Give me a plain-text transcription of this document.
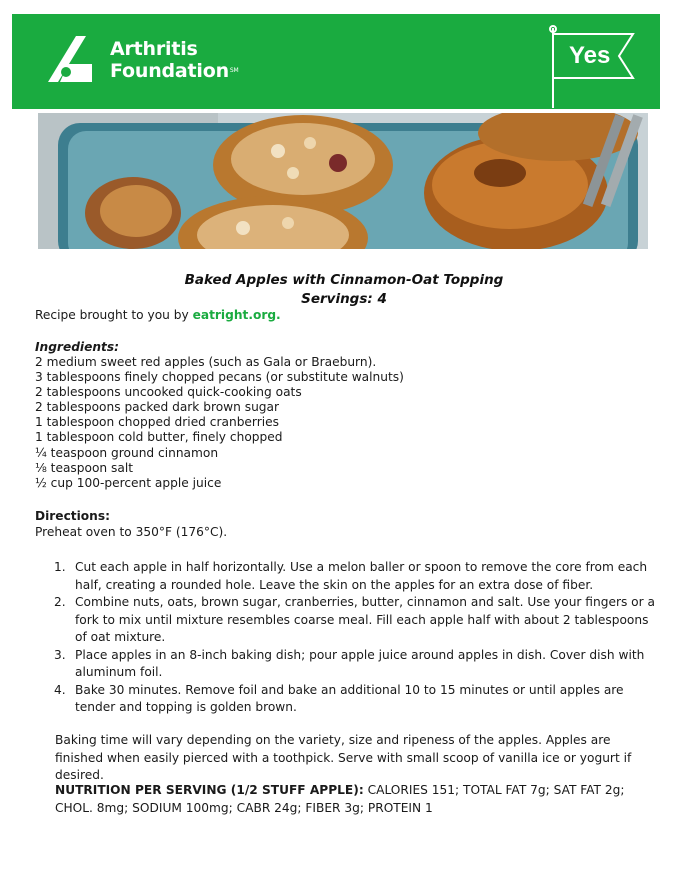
Arthritis
Foundation℠
Yes
Baked Apples with Cinnamon-Oat Topping
Servings: 4
Recipe brought to you by eatright.org.
Ingredients:
2 medium sweet red apples (such as Gala or Braeburn).
3 tablespoons finely chopped pecans (or substitute walnuts)
2 tablespoons uncooked quick-cooking oats
2 tablespoons packed dark brown sugar
1 tablespoon chopped dried cranberries
1 tablespoon cold butter, finely chopped
¼ teaspoon ground cinnamon
⅛ teaspoon salt
½ cup 100-percent apple juice
Directions:
Preheat oven to 350°F (176°C).
1. Cut each apple in half horizontally. Use a melon baller or spoon to remove the core from each half, creating a rounded hole. Leave the skin on the apples for an extra dose of fiber.
2. Combine nuts, oats, brown sugar, cranberries, butter, cinnamon and salt. Use your fingers or a fork to mix until mixture resembles coarse meal. Fill each apple half with about 2 tablespoons of oat mixture.
3. Place apples in an 8-inch baking dish; pour apple juice around apples in dish. Cover dish with aluminum foil.
4. Bake 30 minutes. Remove foil and bake an additional 10 to 15 minutes or until apples are tender and topping is golden brown.
Baking time will vary depending on the variety, size and ripeness of the apples. Apples are finished when easily pierced with a toothpick. Serve with small scoop of vanilla ice or yogurt if desired.
NUTRITION PER SERVING (1/2 STUFF APPLE): CALORIES 151; TOTAL FAT 7g; SAT FAT 2g; CHOL. 8mg; SODIUM 100mg; CABR 24g; FIBER 3g; PROTEIN 1
